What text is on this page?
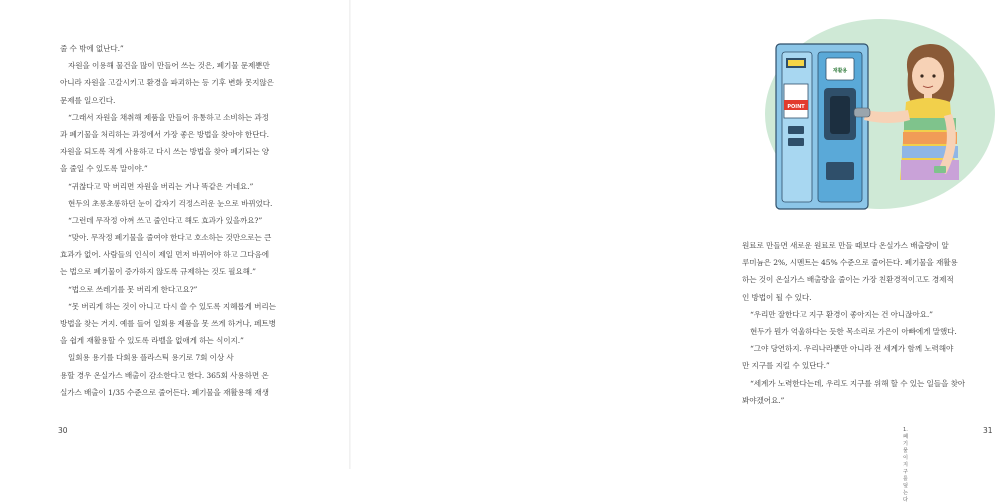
줄 수 밖에 없난다.”
자원을 이용해 물건을 많이 만들어 쓰는 것은, 폐기물 문제뿐만
아니라 자원을 고갈시키고 환경을 파괴하는 등 기후 변화 못지않은
문제를 일으킨다.
“그래서 자원을 채취해 제품을 만들어 유통하고 소비하는 과정
과 폐기물을 처리하는 과정에서 가장 좋은 방법을 찾아야 한단다.
자원을 되도록 적게 사용하고 다시 쓰는 방법을 찾아 폐기되는 양
을 줄일 수 있도록 말이야.”
“귀찮다고 막 버리면 자원을 버리는 거나 똑같은 거네요.”
현두의 초롱초롱하던 눈이 갑자기 걱정스러운 눈으로 바뀌었다.
“그런데 무작정 아껴 쓰고 줄인다고 해도 효과가 있을까요?”
“맞아. 무작정 폐기물을 줄여야 한다고 호소하는 것만으로는 큰
효과가 없어. 사람들의 인식이 제일 먼저 바뀌어야 하고 그다음에
는 법으로 폐기물이 증가하지 않도록 규제하는 것도 필요해.”
“법으로 쓰레기를 못 버리게 한다고요?”
“못 버리게 하는 것이 아니고 다시 쓸 수 있도록 지혜롭게 버리는
방법을 찾는 거지. 예를 들어 일회용 제품을 못 쓰게 하거나, 페트병
을 쉽게 재활용할 수 있도록 라벨을 없애게 하는 식이지.”
일회용 용기를 다회용 플라스틱 용기로 7회 이상 사
용할 경우 온실가스 배출이 감소한다고 한다. 365회 사용하면 온
실가스 배출이 1/35 수준으로 줄어든다. 폐기물을 재활용해 재생
30
POINT
재활용
원료로 만들면 새로운 원료로 만들 때보다 온실가스 배출량이 알
루미늄은 2%, 시멘트는 45% 수준으로 줄어든다. 폐기물을 재활용
하는 것이 온실가스 배출량을 줄이는 가장 친환경적이고도 경제적
인 방법이 될 수 있다.
“우리만 잘한다고 지구 환경이 좋아지는 건 아니잖아요.”
현두가 뭔가 억울하다는 듯한 목소리로 가은이 아빠에게 말했다.
“그야 당연하지. 우리나라뿐만 아니라 전 세계가 함께 노력해야
만 지구를 지킬 수 있단다.”
“세계가 노력한다는데, 우리도 지구를 위해 할 수 있는 일들을 찾아
봐야겠어요.”
1. 폐기물이 지구를 덮는다
31
